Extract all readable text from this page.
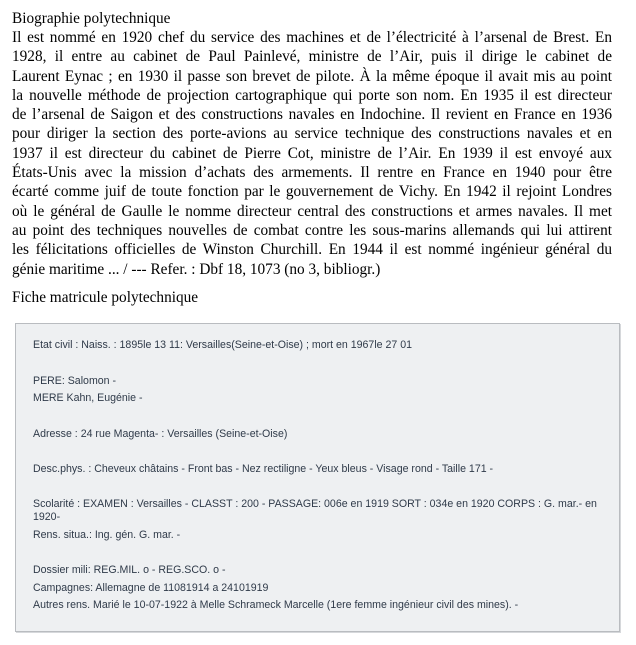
Biographie polytechnique
Il est nommé en 1920 chef du service des machines et de l’électricité à l’arsenal de Brest. En
1928, il entre au cabinet de Paul Painlevé, ministre de l’Air, puis il dirige le cabinet de
Laurent Eynac ; en 1930 il passe son brevet de pilote. À la même époque il avait mis au point
la nouvelle méthode de projection cartographique qui porte son nom. En 1935 il est directeur
de l’arsenal de Saigon et des constructions navales en Indochine. Il revient en France en 1936
pour diriger la section des porte-avions au service technique des constructions navales et en
1937 il est directeur du cabinet de Pierre Cot, ministre de l’Air. En 1939 il est envoyé aux
États-Unis avec la mission d’achats des armements. Il rentre en France en 1940 pour être
écarté comme juif de toute fonction par le gouvernement de Vichy. En 1942 il rejoint Londres
où le général de Gaulle le nomme directeur central des constructions et armes navales. Il met
au point des techniques nouvelles de combat contre les sous-marins allemands qui lui attirent
les félicitations officielles de Winston Churchill. En 1944 il est nommé ingénieur général du
génie maritime ... / --- Refer. : Dbf 18, 1073 (no 3, bibliogr.)
Fiche matricule polytechnique
Etat civil : Naiss. : 1895le 13 11: Versailles(Seine-et-Oise) ; mort en 1967le 27 01
PERE: Salomon -
MERE Kahn, Eugénie -
Adresse : 24 rue Magenta- : Versailles (Seine-et-Oise)
Desc.phys. : Cheveux châtains - Front bas - Nez rectiligne - Yeux bleus - Visage rond - Taille 171 -
Scolarité : EXAMEN : Versailles - CLASST : 200 - PASSAGE: 006e en 1919 SORT : 034e en 1920 CORPS : G. mar.- en 1920-
Rens. situa.: Ing. gén. G. mar. -
Dossier mili: REG.MIL. o - REG.SCO. o -
Campagnes: Allemagne de 11081914 a 24101919
Autres rens. Marié le 10-07-1922 à Melle Schrameck Marcelle (1ere femme ingénieur civil des mines). -
